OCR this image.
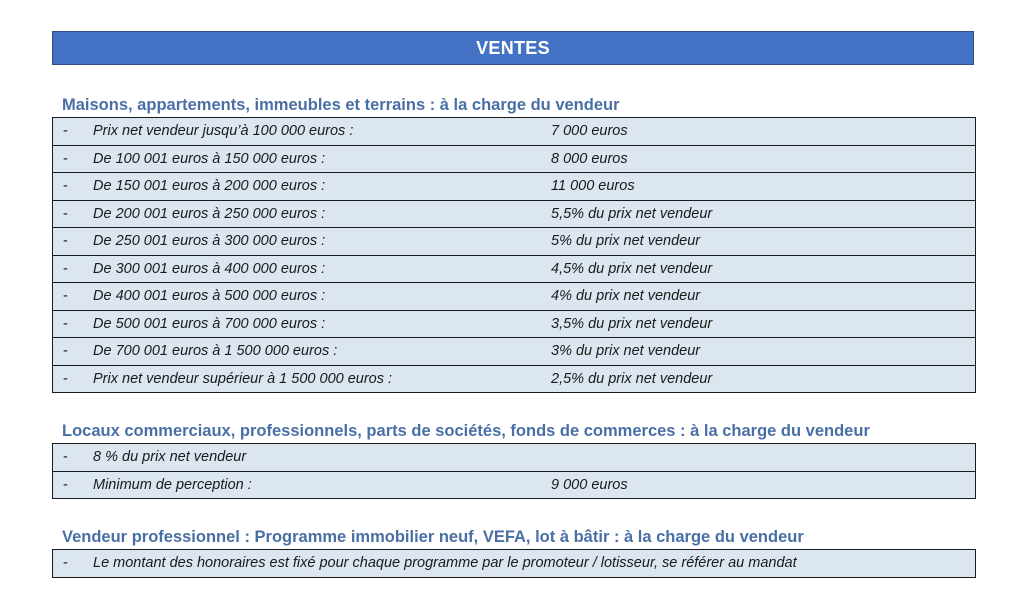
VENTES
Maisons, appartements, immeubles et terrains : à la charge du vendeur
-	Prix net vendeur jusqu’à 100 000 euros :	7 000 euros
-	De 100 001 euros à 150 000 euros :	8 000 euros
-	De 150 001 euros à 200 000 euros :	11 000 euros
-	De 200 001 euros à 250 000 euros :	5,5% du prix net vendeur
-	De 250 001 euros à 300 000 euros :	5% du prix net vendeur
-	De 300 001 euros à 400 000 euros :	4,5% du prix net vendeur
-	De 400 001 euros à 500 000 euros :	4% du prix net vendeur
-	De 500 001 euros à 700 000 euros :	3,5% du prix net vendeur
-	De 700 001 euros à 1 500 000 euros :	3% du prix net vendeur
-	Prix net vendeur supérieur à 1 500 000 euros :	2,5% du prix net vendeur
Locaux commerciaux, professionnels, parts de sociétés, fonds de commerces : à la charge du vendeur
-	8 % du prix net vendeur
-	Minimum de perception :	9 000 euros
Vendeur professionnel : Programme immobilier neuf, VEFA, lot à bâtir : à la charge du vendeur
-	Le montant des honoraires est fixé pour chaque programme par le promoteur / lotisseur, se référer au mandat
